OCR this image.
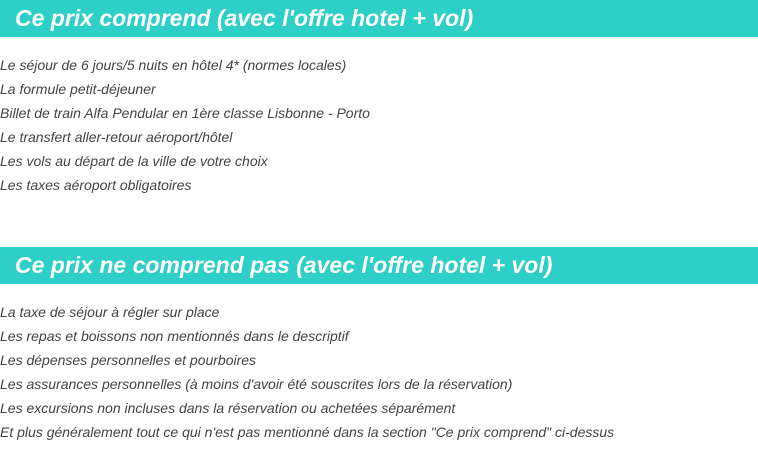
Ce prix comprend (avec l'offre hotel + vol)
Le séjour de 6 jours/5 nuits en hôtel 4* (normes locales)
La formule petit-déjeuner
Billet de train Alfa Pendular en 1ère classe Lisbonne - Porto
Le transfert aller-retour aéroport/hôtel
Les vols au départ de la ville de votre choix
Les taxes aéroport obligatoires
Ce prix ne comprend pas (avec l'offre hotel + vol)
La taxe de séjour à régler sur place
Les repas et boissons non mentionnés dans le descriptif
Les dépenses personnelles et pourboires
Les assurances personnelles (à moins d'avoir été souscrites lors de la réservation)
Les excursions non incluses dans la réservation ou achetées séparément
Et plus généralement tout ce qui n'est pas mentionné dans la section "Ce prix comprend" ci-dessus
